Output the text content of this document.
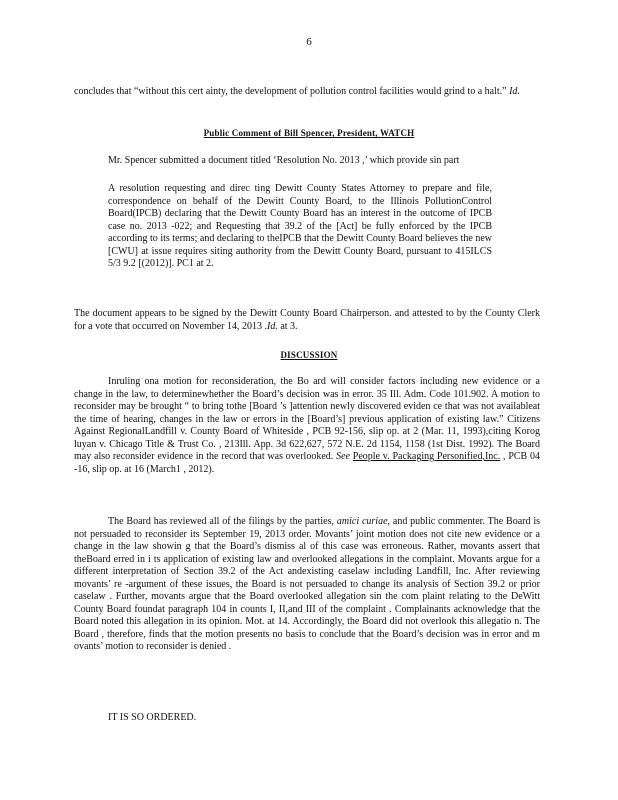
6
concludes that “without this cert ainty, the development of pollution control facilities would grind to a halt.” Id.
Public Comment of Bill Spencer, President, WATCH
Mr. Spencer submitted a document titled ‘Resolution No. 2013 ,’ which provide sin part
A resolution requesting and direc ting Dewitt County States Attorney to prepare and file, correspondence on behalf of the Dewitt County Board, to the Illinois PollutionControl Board(IPCB) declaring that the Dewitt County Board has an interest in the outcome of IPCB case no. 2013 -022; and Requesting that 39.2 of the [Act] be fully enforced by the IPCB according to its terms; and declaring to theIPCB that the Dewitt County Board believes the new [CWU] at issue requires siting authority from the Dewitt County Board, pursuant to 415ILCS 5/3 9.2 [(2012)]. PC1 at 2.
The document appears to be signed by the Dewitt County Board Chairperson. and attested to by the County Clerk for a vote that occurred on November 14, 2013 .Id. at 3.
DISCUSSION
Inruling ona motion for reconsideration, the Bo ard will consider factors including new evidence or a change in the law, to determinewhether the Board’s decision was in error. 35 Ill. Adm. Code 101.902. A motion to reconsider may be brought “ to bring tothe [Board ’s ]attention newly discovered eviden ce that was not availableat the time of hearing, changes in the law or errors in the [Board’s] previous application of existing law.” Citizens Against RegionalLandfill v. County Board of Whiteside , PCB 92-156, slip op. at 2 (Mar. 11, 1993),citing Korog luyan v. Chicago Title & Trust Co. , 213Ill. App. 3d 622,627, 572 N.E. 2d 1154, 1158 (1st Dist. 1992). The Board may also reconsider evidence in the record that was overlooked. See People v. Packaging Personified,Inc. , PCB 04 -16, slip op. at 16 (March1 , 2012).
The Board has reviewed all of the filings by the parties, amici curiae, and public commenter. The Board is not persuaded to reconsider its September 19, 2013 order. Movants’ joint motion does not cite new evidence or a change in the law showin g that the Board’s dismiss al of this case was erroneous. Rather, movants assert that theBoard erred in i ts application of existing law and overlooked allegations in the complaint. Movants argue for a different interpretation of Section 39.2 of the Act andexisting caselaw including Landfill, Inc. After reviewing movants’ re -argument of these issues, the Board is not persuaded to change its analysis of Section 39.2 or prior caselaw . Further, movants argue that the Board overlooked allegation sin the com plaint relating to the DeWitt County Board foundat paragraph 104 in counts I, II,and III of the complaint . Complainants acknowledge that the Board noted this allegation in its opinion. Mot. at 14. Accordingly, the Board did not overlook this allegatio n. The Board , therefore, finds that the motion presents no basis to conclude that the Board’s decision was in error and m ovants’ motion to reconsider is denied .
IT IS SO ORDERED.
